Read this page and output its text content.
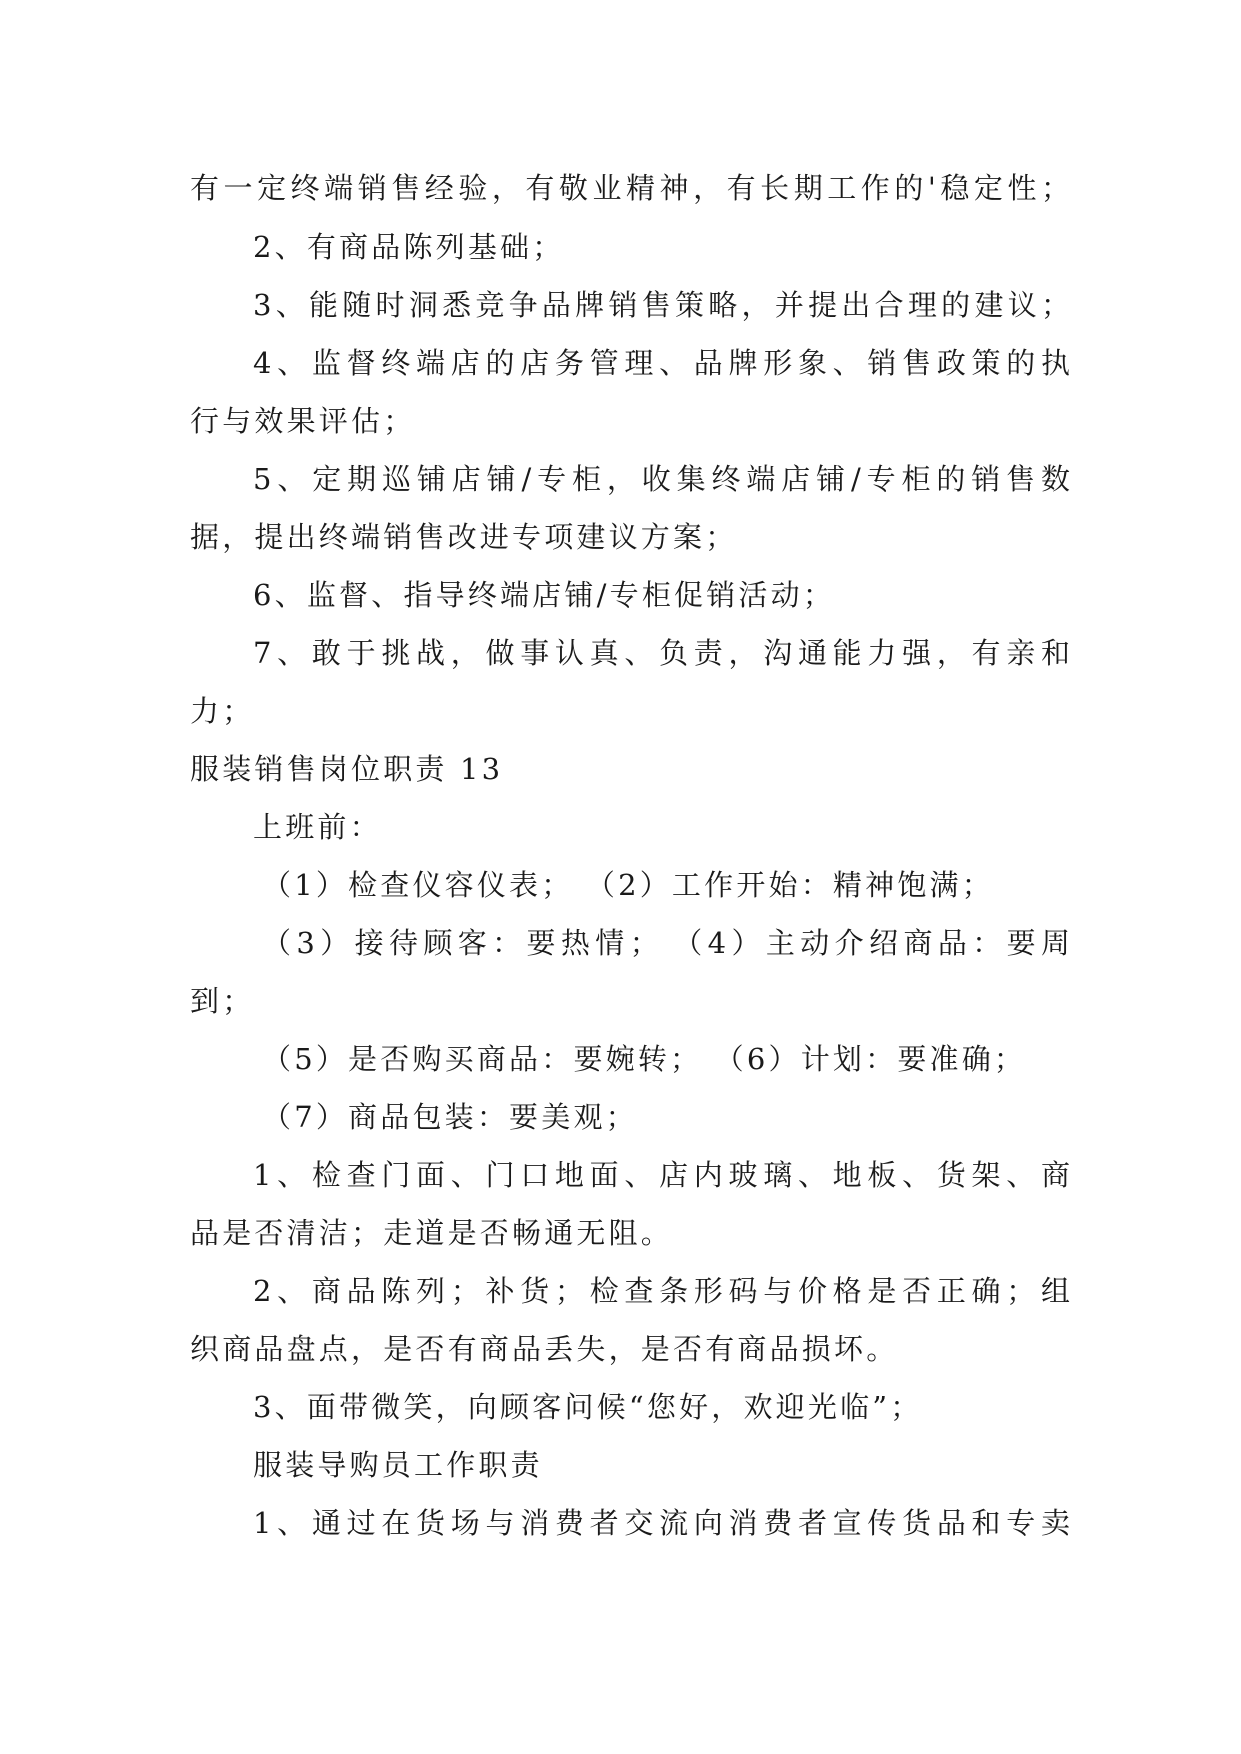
有一定终端销售经验，有敬业精神，有长期工作的'稳定性；
2、有商品陈列基础；
3、能随时洞悉竞争品牌销售策略，并提出合理的建议；
4、监督终端店的店务管理、品牌形象、销售政策的执
行与效果评估；
5、定期巡铺店铺/专柜，收集终端店铺/专柜的销售数
据，提出终端销售改进专项建议方案；
6、监督、指导终端店铺/专柜促销活动；
7、敢于挑战，做事认真、负责，沟通能力强，有亲和
力；
服装销售岗位职责 13
上班前：
（1）检查仪容仪表； （2）工作开始：精神饱满；
（3）接待顾客：要热情； （4）主动介绍商品：要周
到；
（5）是否购买商品：要婉转； （6）计划：要准确；
（7）商品包装：要美观；
1、检查门面、门口地面、店内玻璃、地板、货架、商
品是否清洁；走道是否畅通无阻。
2、商品陈列；补货；检查条形码与价格是否正确；组
织商品盘点，是否有商品丢失，是否有商品损坏。
3、面带微笑，向顾客问候“您好，欢迎光临”；
服装导购员工作职责
1、通过在货场与消费者交流向消费者宣传货品和专卖
